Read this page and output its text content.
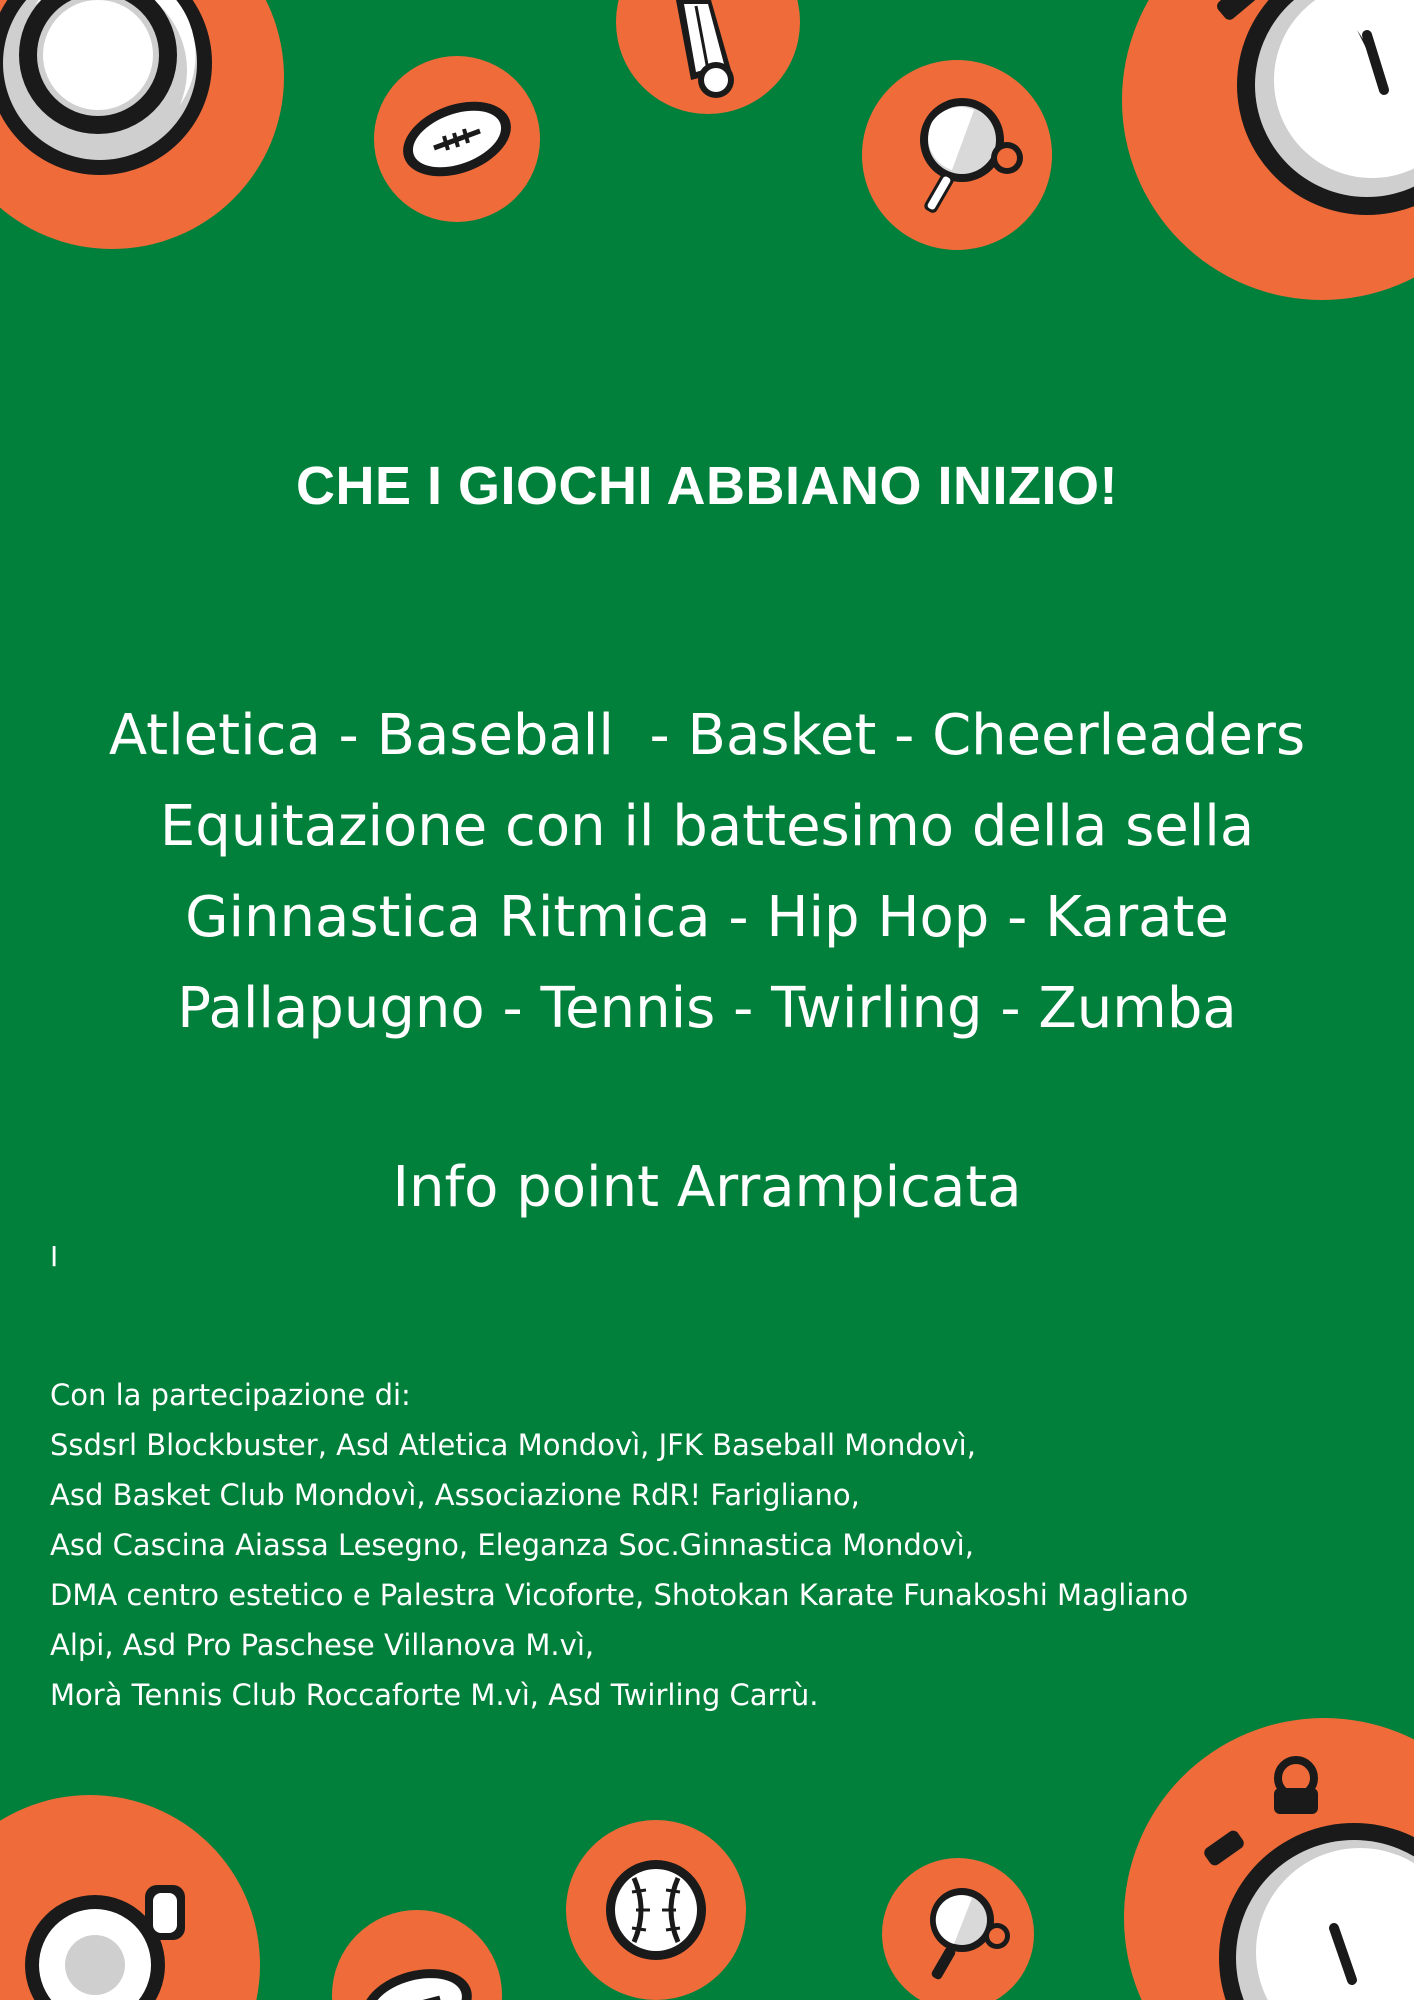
CHE I GIOCHI ABBIANO INIZIO!
Atletica - Baseball  - Basket - Cheerleaders
Equitazione con il battesimo della sella
Ginnastica Ritmica - Hip Hop - Karate
Pallapugno - Tennis - Twirling - Zumba
Info point Arrampicata
I
Con la partecipazione di:
Ssdsrl Blockbuster, Asd Atletica Mondovì, JFK Baseball Mondovì,
Asd Basket Club Mondovì, Associazione RdR! Farigliano,
Asd Cascina Aiassa Lesegno, Eleganza Soc.Ginnastica Mondovì,
DMA centro estetico e Palestra Vicoforte, Shotokan Karate Funakoshi Magliano
Alpi, Asd Pro Paschese Villanova M.vì,
Morà Tennis Club Roccaforte M.vì, Asd Twirling Carrù.
